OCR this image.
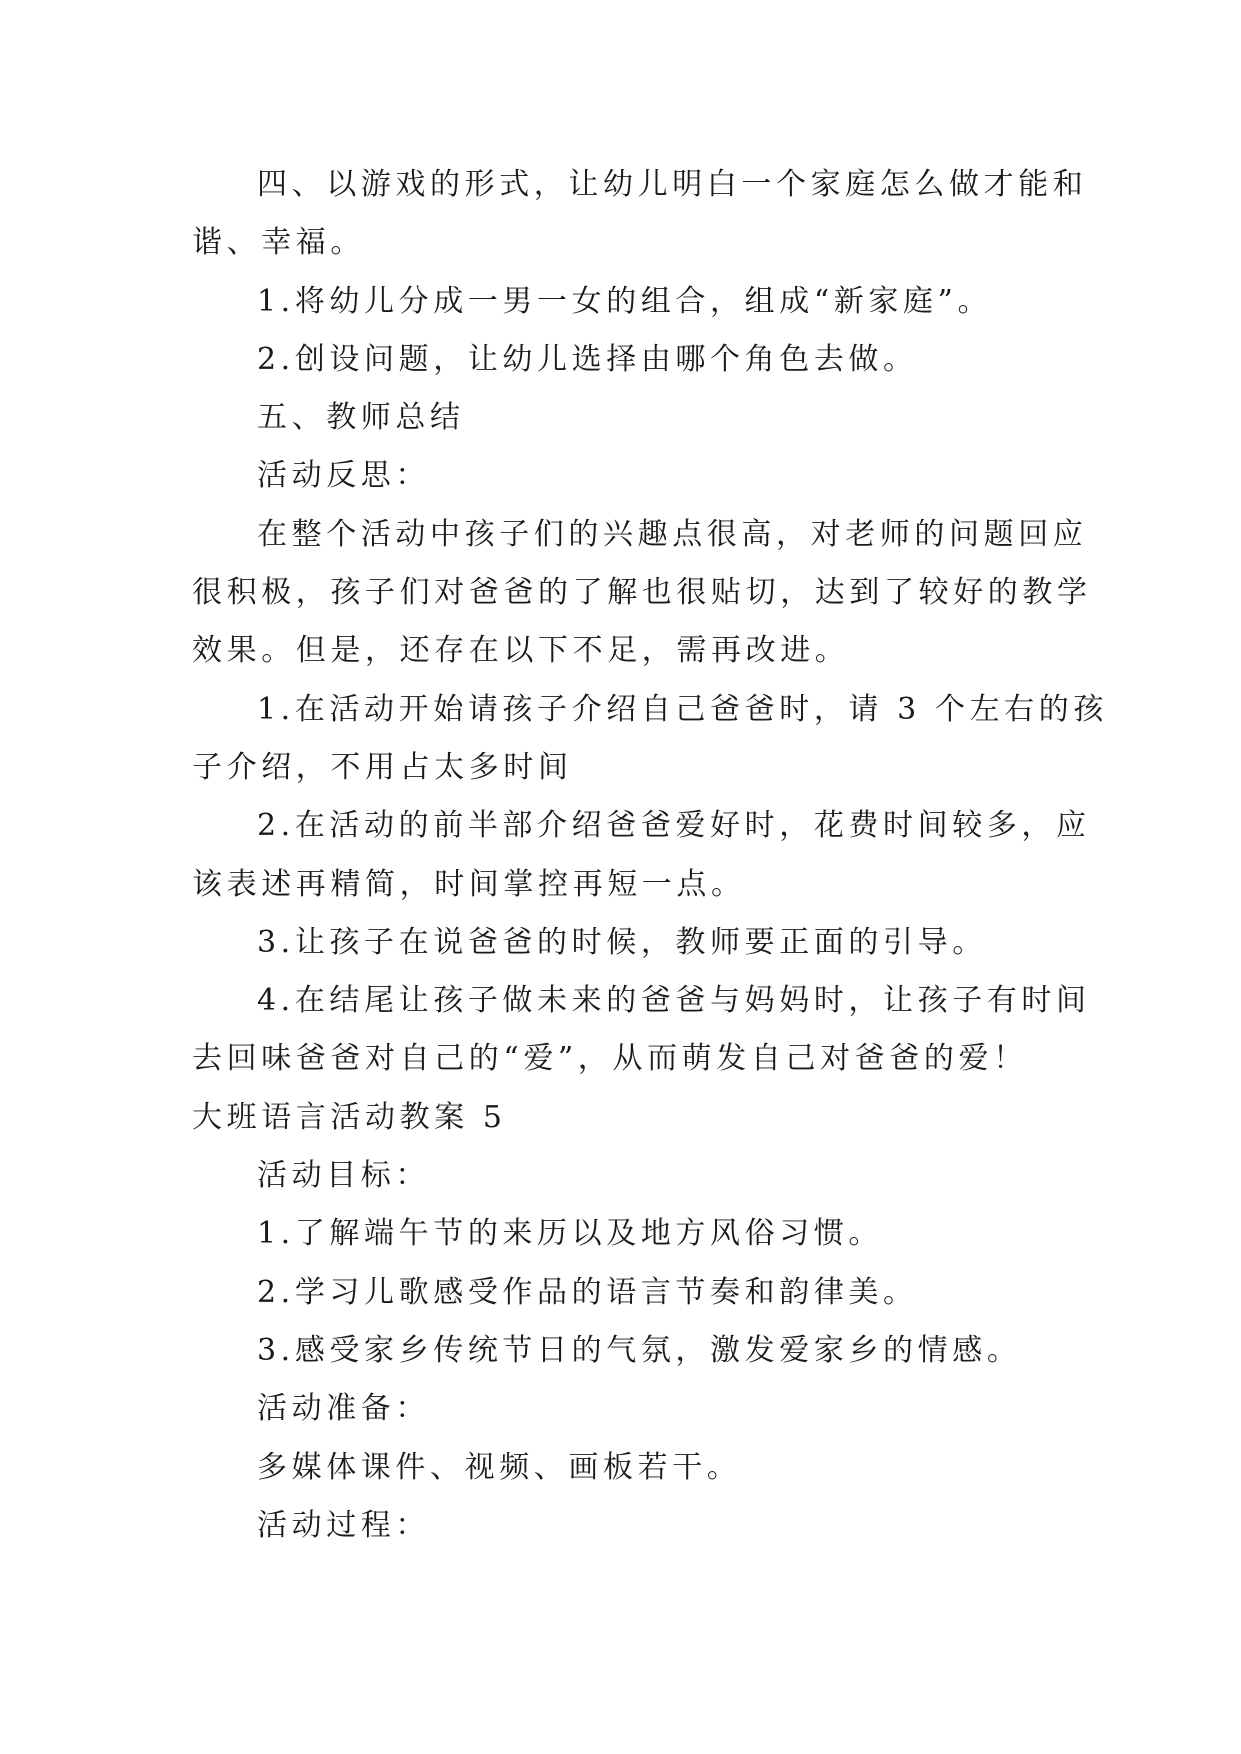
四、以游戏的形式，让幼儿明白一个家庭怎么做才能和
谐、幸福。
1.将幼儿分成一男一女的组合，组成“新家庭”。
2.创设问题，让幼儿选择由哪个角色去做。
五、教师总结
活动反思：
在整个活动中孩子们的兴趣点很高，对老师的问题回应
很积极，孩子们对爸爸的了解也很贴切，达到了较好的教学
效果。但是，还存在以下不足，需再改进。
1.在活动开始请孩子介绍自己爸爸时，请 3 个左右的孩
子介绍，不用占太多时间
2.在活动的前半部介绍爸爸爱好时，花费时间较多，应
该表述再精简，时间掌控再短一点。
3.让孩子在说爸爸的时候，教师要正面的引导。
4.在结尾让孩子做未来的爸爸与妈妈时，让孩子有时间
去回味爸爸对自己的“爱”，从而萌发自己对爸爸的爱！
大班语言活动教案 5
活动目标：
1.了解端午节的来历以及地方风俗习惯。
2.学习儿歌感受作品的语言节奏和韵律美。
3.感受家乡传统节日的气氛，激发爱家乡的情感。
活动准备：
多媒体课件、视频、画板若干。
活动过程：
